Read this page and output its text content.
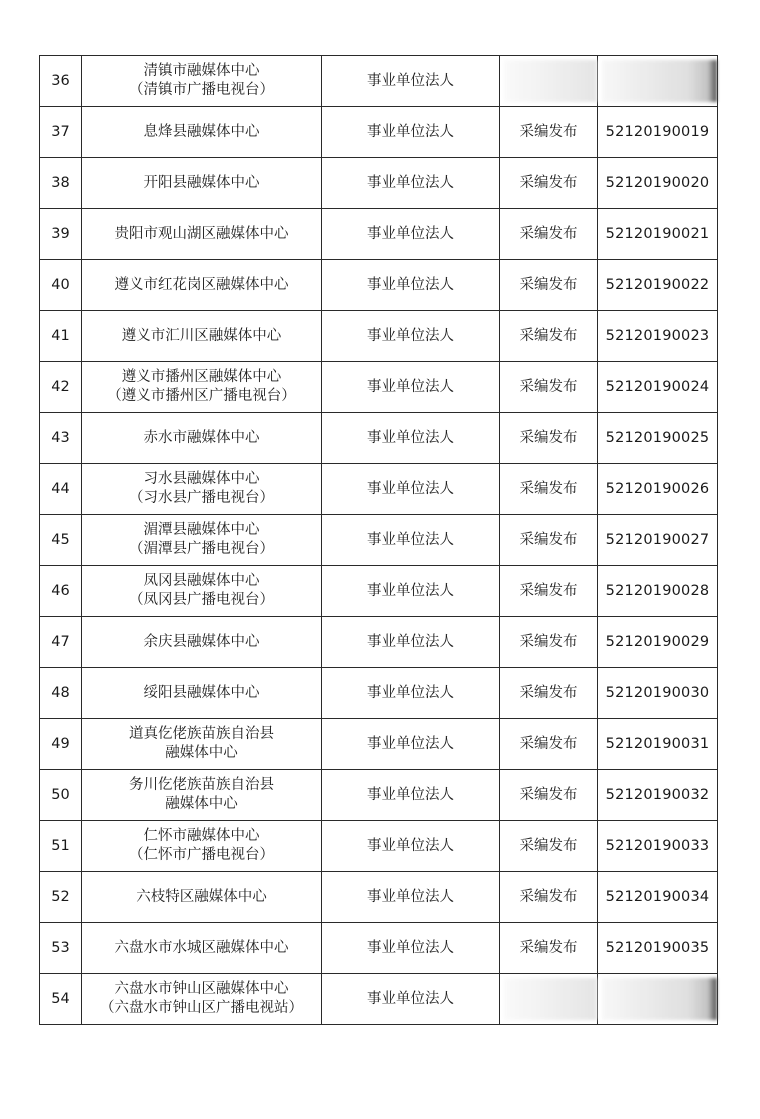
36	清镇市融媒体中心
（清镇市广播电视台）	事业单位法人	

37	息烽县融媒体中心	事业单位法人	采编发布	52120190019
38	开阳县融媒体中心	事业单位法人	采编发布	52120190020
39	贵阳市观山湖区融媒体中心	事业单位法人	采编发布	52120190021
40	遵义市红花岗区融媒体中心	事业单位法人	采编发布	52120190022
41	遵义市汇川区融媒体中心	事业单位法人	采编发布	52120190023
42	遵义市播州区融媒体中心
（遵义市播州区广播电视台）	事业单位法人	采编发布	52120190024
43	赤水市融媒体中心	事业单位法人	采编发布	52120190025
44	习水县融媒体中心
（习水县广播电视台）	事业单位法人	采编发布	52120190026
45	湄潭县融媒体中心
（湄潭县广播电视台）	事业单位法人	采编发布	52120190027
46	凤冈县融媒体中心
（凤冈县广播电视台）	事业单位法人	采编发布	52120190028
47	余庆县融媒体中心	事业单位法人	采编发布	52120190029
48	绥阳县融媒体中心	事业单位法人	采编发布	52120190030
49	道真仡佬族苗族自治县
融媒体中心	事业单位法人	采编发布	52120190031
50	务川仡佬族苗族自治县
融媒体中心	事业单位法人	采编发布	52120190032
51	仁怀市融媒体中心
（仁怀市广播电视台）	事业单位法人	采编发布	52120190033
52	六枝特区融媒体中心	事业单位法人	采编发布	52120190034
53	六盘水市水城区融媒体中心	事业单位法人	采编发布	52120190035
54	六盘水市钟山区融媒体中心
（六盘水市钟山区广播电视站）	事业单位法人	
